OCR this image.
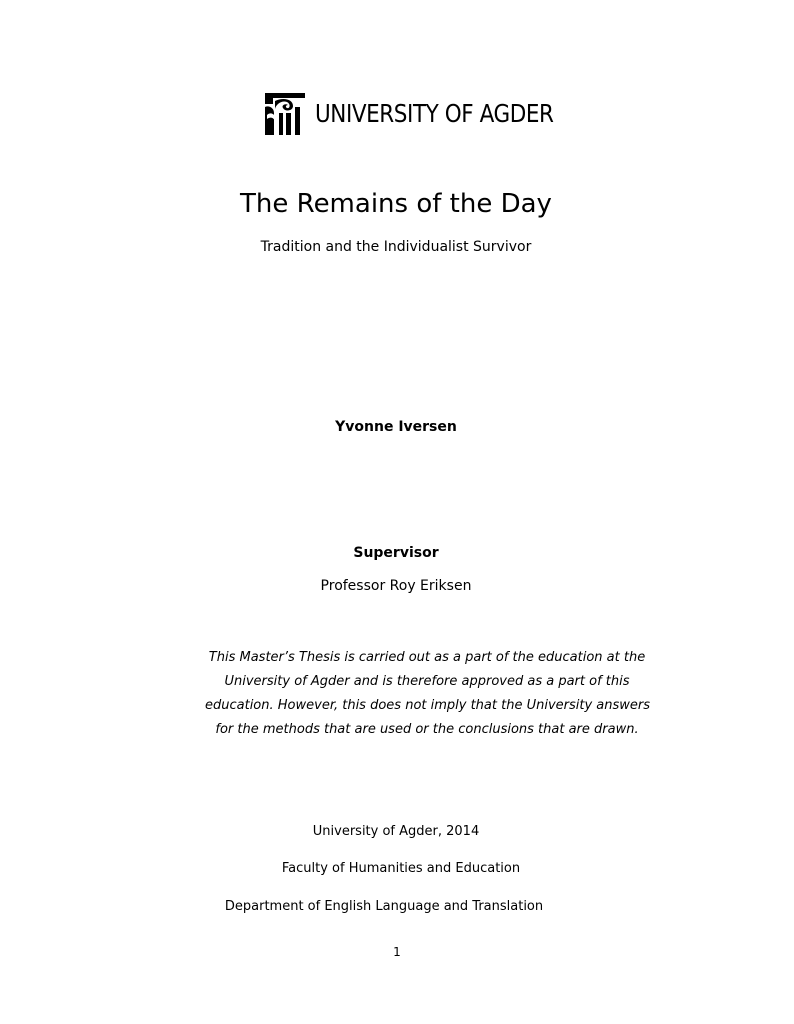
UNIVERSITY OF AGDER
The Remains of the Day
Tradition and the Individualist Survivor
Yvonne Iversen
Supervisor
Professor Roy Eriksen
This Master’s Thesis is carried out as a part of the education at the
University of Agder and is therefore approved as a part of this
education. However, this does not imply that the University answers
for the methods that are used or the conclusions that are drawn.
University of Agder, 2014
Faculty of Humanities and Education
Department of English Language and Translation
1
